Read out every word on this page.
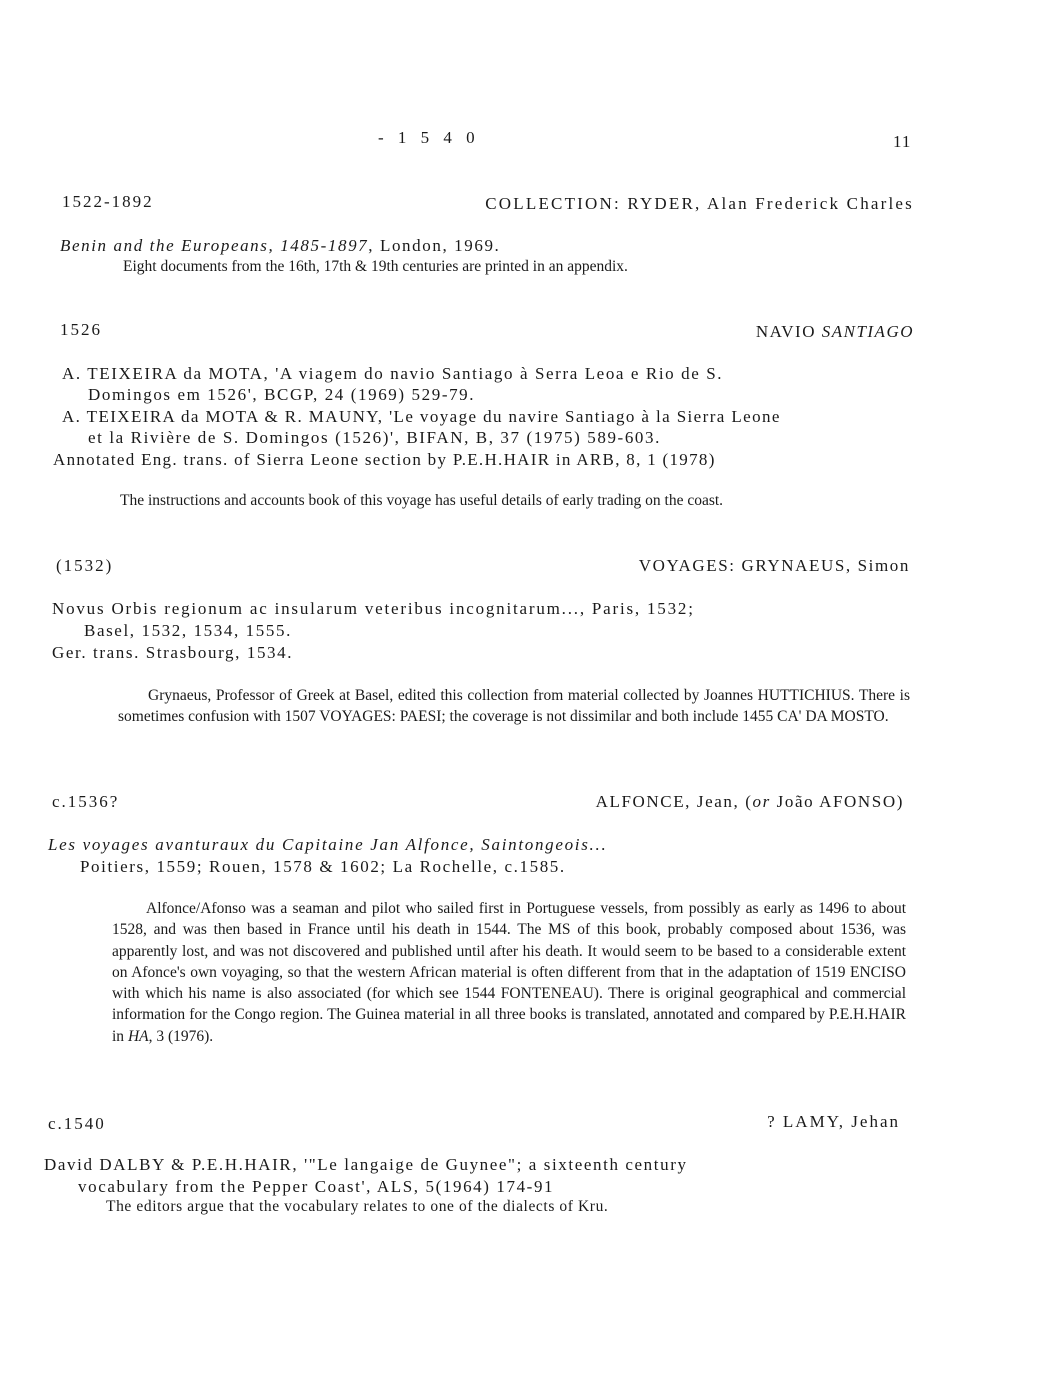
- 1 5 4 0	11
1522-1892	COLLECTION: RYDER, Alan Frederick Charles
Benin and the Europeans, 1485-1897, London, 1969.
Eight documents from the 16th, 17th & 19th centuries are printed in an appendix.
1526	NAVIO SANTIAGO
A. TEIXEIRA da MOTA, 'A viagem do navio Santiago à Serra Leoa e Rio de S.
Domingos em 1526', BCGP, 24 (1969) 529-79.
A. TEIXEIRA da MOTA & R. MAUNY, 'Le voyage du navire Santiago à la Sierra Leone
et la Rivière de S. Domingos (1526)', BIFAN, B, 37 (1975) 589-603.
Annotated Eng. trans. of Sierra Leone section by P.E.H.HAIR in ARB, 8, 1 (1978)
The instructions and accounts book of this voyage has useful details of early trading on the coast.
(1532)	VOYAGES: GRYNAEUS, Simon
Novus Orbis regionum ac insularum veteribus incognitarum..., Paris, 1532;
Basel, 1532, 1534, 1555.
Ger. trans. Strasbourg, 1534.
Grynaeus, Professor of Greek at Basel, edited this collection from material collected by Joannes HUTTICHIUS. There is sometimes confusion with 1507 VOYAGES: PAESI; the coverage is not dissimilar and both include 1455 CA' DA MOSTO.
c.1536?	ALFONCE, Jean, (or João AFONSO)
Les voyages avanturaux du Capitaine Jan Alfonce, Saintongeois...
Poitiers, 1559; Rouen, 1578 & 1602; La Rochelle, c.1585.
Alfonce/Afonso was a seaman and pilot who sailed first in Portuguese vessels, from possibly as early as 1496 to about 1528, and was then based in France until his death in 1544. The MS of this book, probably composed about 1536, was apparently lost, and was not discovered and published until after his death. It would seem to be based to a considerable extent on Afonce's own voyaging, so that the western African material is often different from that in the adaptation of 1519 ENCISO with which his name is also associated (for which see 1544 FONTENEAU). There is original geographical and commercial information for the Congo region. The Guinea material in all three books is translated, annotated and compared by P.E.H.HAIR in HA, 3 (1976).
c.1540	? LAMY, Jehan
David DALBY & P.E.H.HAIR, '"Le langaige de Guynee"; a sixteenth century
vocabulary from the Pepper Coast', ALS, 5(1964) 174-91
The editors argue that the vocabulary relates to one of the dialects of Kru.
